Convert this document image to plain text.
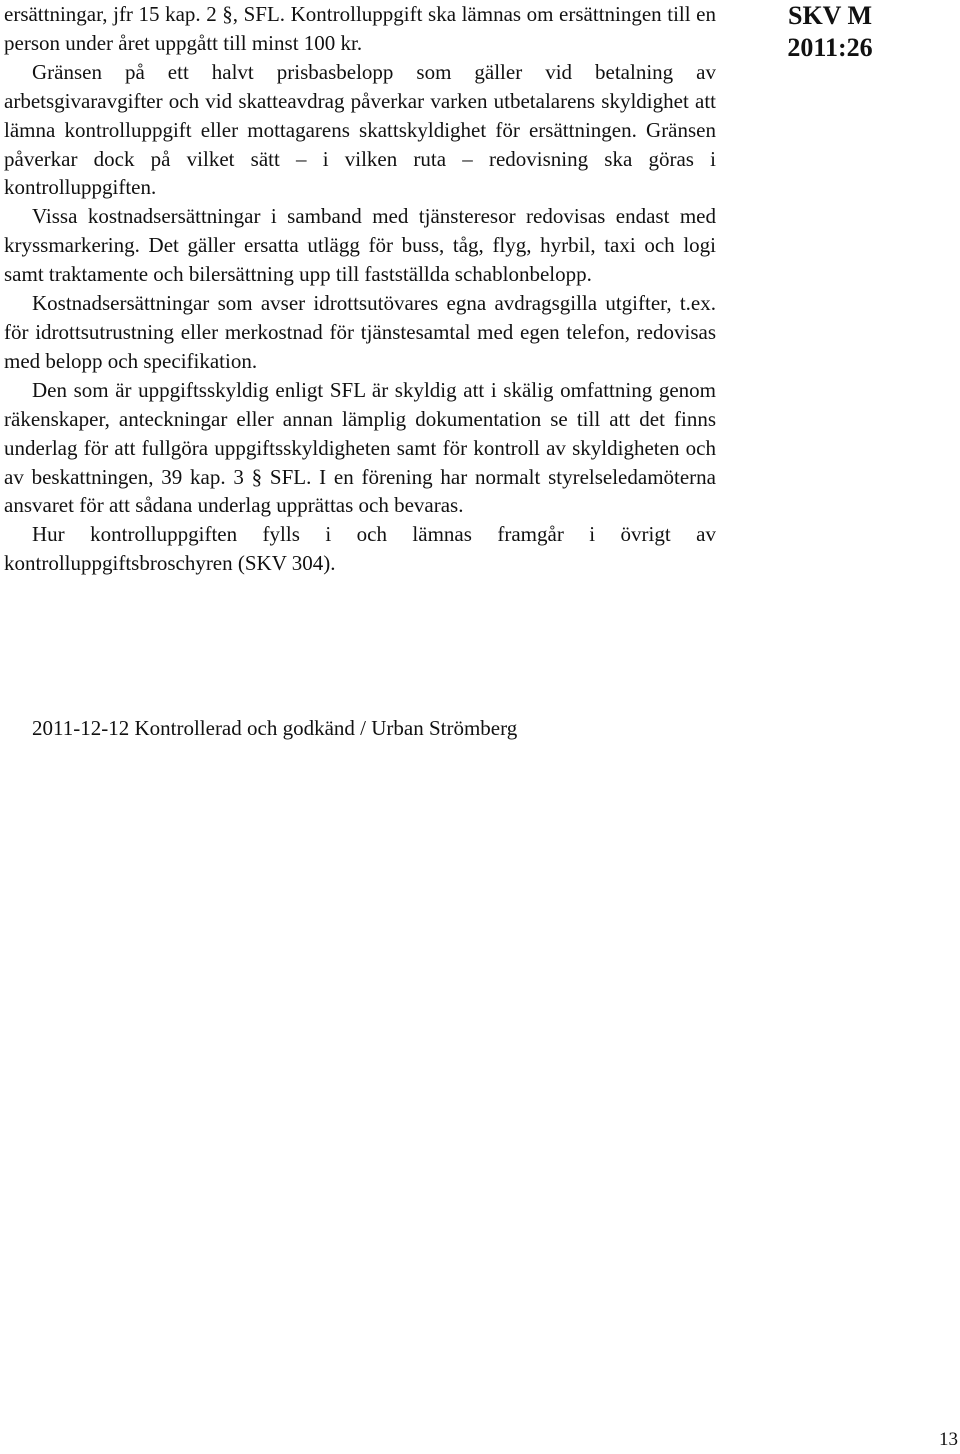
SKV M
2011:26

ersättningar, jfr 15 kap. 2 §, SFL. Kontrolluppgift ska lämnas om ersättningen till en person under året uppgått till minst 100 kr.

Gränsen på ett halvt prisbasbelopp som gäller vid betalning av arbetsgivaravgifter och vid skatteavdrag påverkar varken utbetalarens skyldighet att lämna kontrolluppgift eller mottagarens skattskyldighet för ersättningen. Gränsen påverkar dock på vilket sätt – i vilken ruta – redovisning ska göras i kontrolluppgiften.

Vissa kostnadsersättningar i samband med tjänsteresor redovisas endast med kryssmarkering. Det gäller ersatta utlägg för buss, tåg, flyg, hyrbil, taxi och logi samt traktamente och bilersättning upp till fastställda schablonbelopp.

Kostnadsersättningar som avser idrottsutövares egna avdragsgilla utgifter, t.ex. för idrottsutrustning eller merkostnad för tjänstesamtal med egen telefon, redovisas med belopp och specifikation.

Den som är uppgiftsskyldig enligt SFL är skyldig att i skälig omfattning genom räkenskaper, anteckningar eller annan lämplig dokumentation se till att det finns underlag för att fullgöra uppgiftsskyldigheten samt för kontroll av skyldigheten och av beskattningen, 39 kap. 3 § SFL. I en förening har normalt styrelseledamöterna ansvaret för att sådana underlag upprättas och bevaras.

Hur kontrolluppgiften fylls i och lämnas framgår i övrigt av kontrolluppgiftsbroschyren (SKV 304).

2011-12-12 Kontrollerad och godkänd / Urban Strömberg
13
